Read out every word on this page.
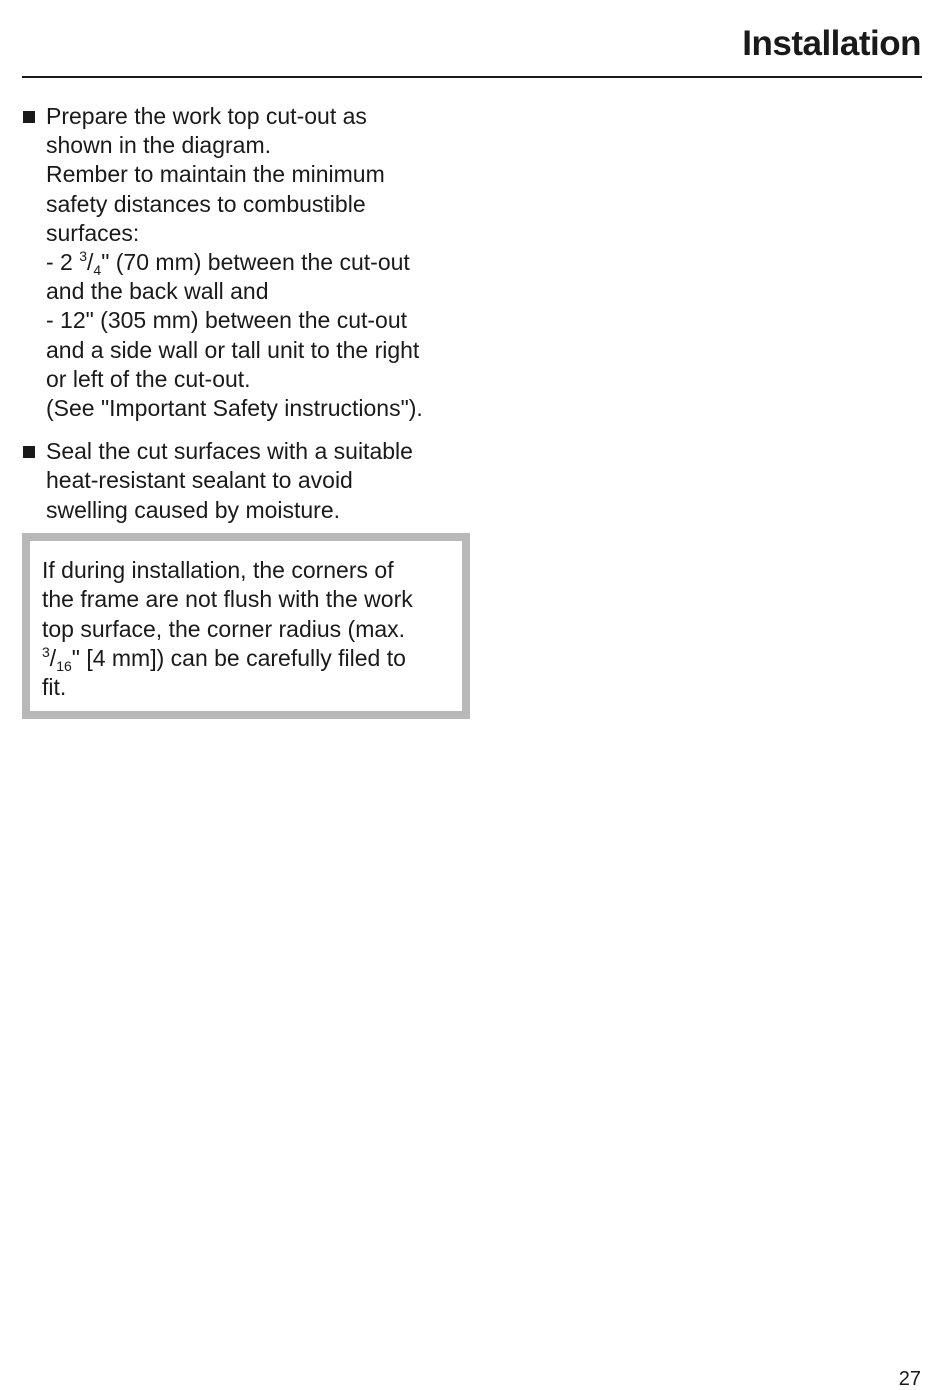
Installation
Prepare the work top cut-out as
shown in the diagram.
Rember to maintain the minimum
safety distances to combustible
surfaces:
- 2 $^3/_4$" (70 mm) between the cut-out
and the back wall and
- 12" (305 mm) between the cut-out
and a side wall or tall unit to the right
or left of the cut-out.
(See "Important Safety instructions").
Seal the cut surfaces with a suitable
heat-resistant sealant to avoid
swelling caused by moisture.
If during installation, the corners of
the frame are not flush with the work
top surface, the corner radius (max.
$^3/_{16}$" [4 mm]) can be carefully filed to
fit.
27
